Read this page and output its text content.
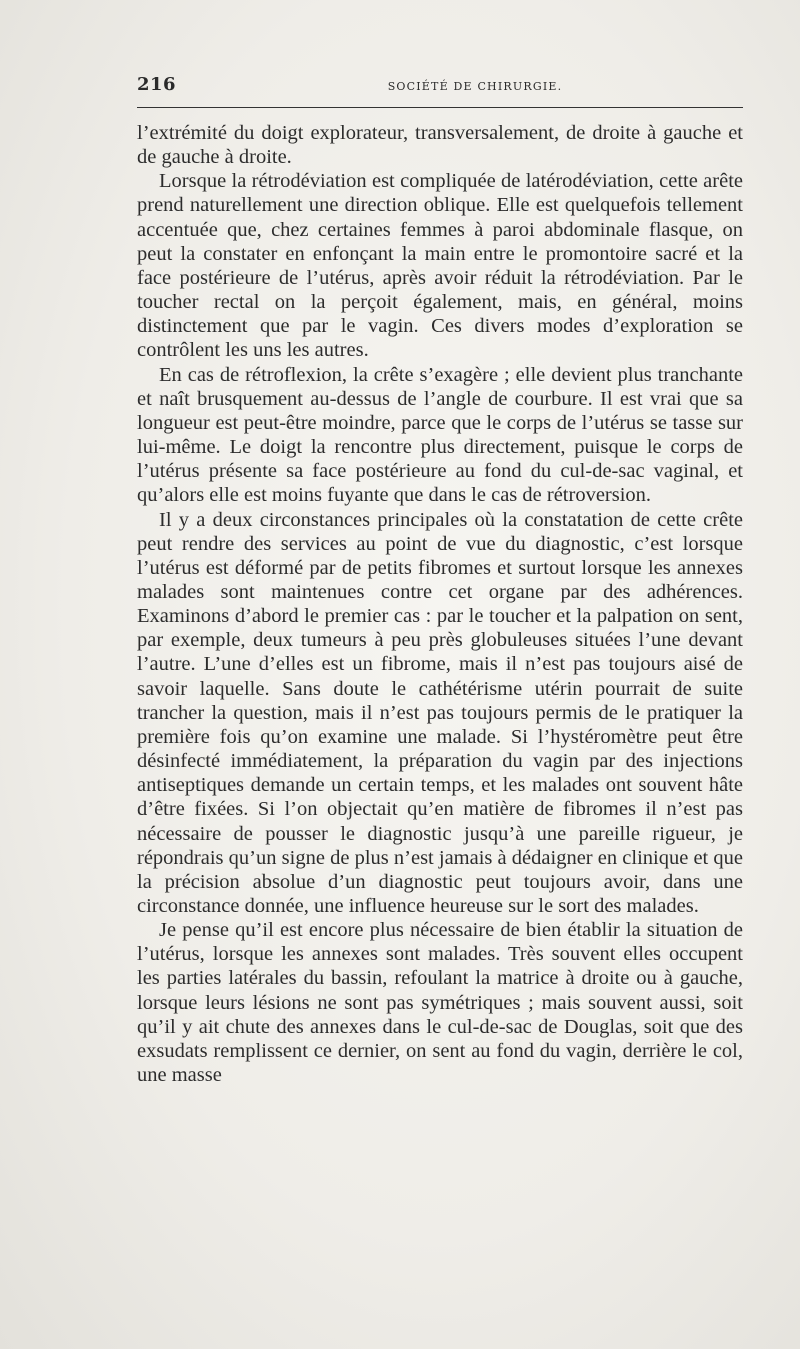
216	SOCIÉTÉ DE CHIRURGIE.

l’extrémité du doigt explorateur, transversalement, de droite à gauche et de gauche à droite.

Lorsque la rétrodéviation est compliquée de latérodéviation, cette arête prend naturellement une direction oblique. Elle est quelquefois tellement accentuée que, chez certaines femmes à paroi abdominale flasque, on peut la constater en enfonçant la main entre le promontoire sacré et la face postérieure de l’utérus, après avoir réduit la rétrodéviation. Par le toucher rectal on la perçoit également, mais, en général, moins distinctement que par le vagin. Ces divers modes d’exploration se contrôlent les uns les autres.

En cas de rétroflexion, la crête s’exagère ; elle devient plus tranchante et naît brusquement au-dessus de l’angle de courbure. Il est vrai que sa longueur est peut-être moindre, parce que le corps de l’utérus se tasse sur lui-même. Le doigt la rencontre plus directement, puisque le corps de l’utérus présente sa face postérieure au fond du cul-de-sac vaginal, et qu’alors elle est moins fuyante que dans le cas de rétroversion.

Il y a deux circonstances principales où la constatation de cette crête peut rendre des services au point de vue du diagnostic, c’est lorsque l’utérus est déformé par de petits fibromes et surtout lorsque les annexes malades sont maintenues contre cet organe par des adhérences. Examinons d’abord le premier cas : par le toucher et la palpation on sent, par exemple, deux tumeurs à peu près globuleuses situées l’une devant l’autre. L’une d’elles est un fibrome, mais il n’est pas toujours aisé de savoir laquelle. Sans doute le cathétérisme utérin pourrait de suite trancher la question, mais il n’est pas toujours permis de le pratiquer la première fois qu’on examine une malade. Si l’hystéromètre peut être désinfecté immédiatement, la préparation du vagin par des injections antiseptiques demande un certain temps, et les malades ont souvent hâte d’être fixées. Si l’on objectait qu’en matière de fibromes il n’est pas nécessaire de pousser le diagnostic jusqu’à une pareille rigueur, je répondrais qu’un signe de plus n’est jamais à dédaigner en clinique et que la précision absolue d’un diagnostic peut toujours avoir, dans une circonstance donnée, une influence heureuse sur le sort des malades.

Je pense qu’il est encore plus nécessaire de bien établir la situation de l’utérus, lorsque les annexes sont malades. Très souvent elles occupent les parties latérales du bassin, refoulant la matrice à droite ou à gauche, lorsque leurs lésions ne sont pas symétriques ; mais souvent aussi, soit qu’il y ait chute des annexes dans le cul-de-sac de Douglas, soit que des exsudats remplissent ce dernier, on sent au fond du vagin, derrière le col, une masse
